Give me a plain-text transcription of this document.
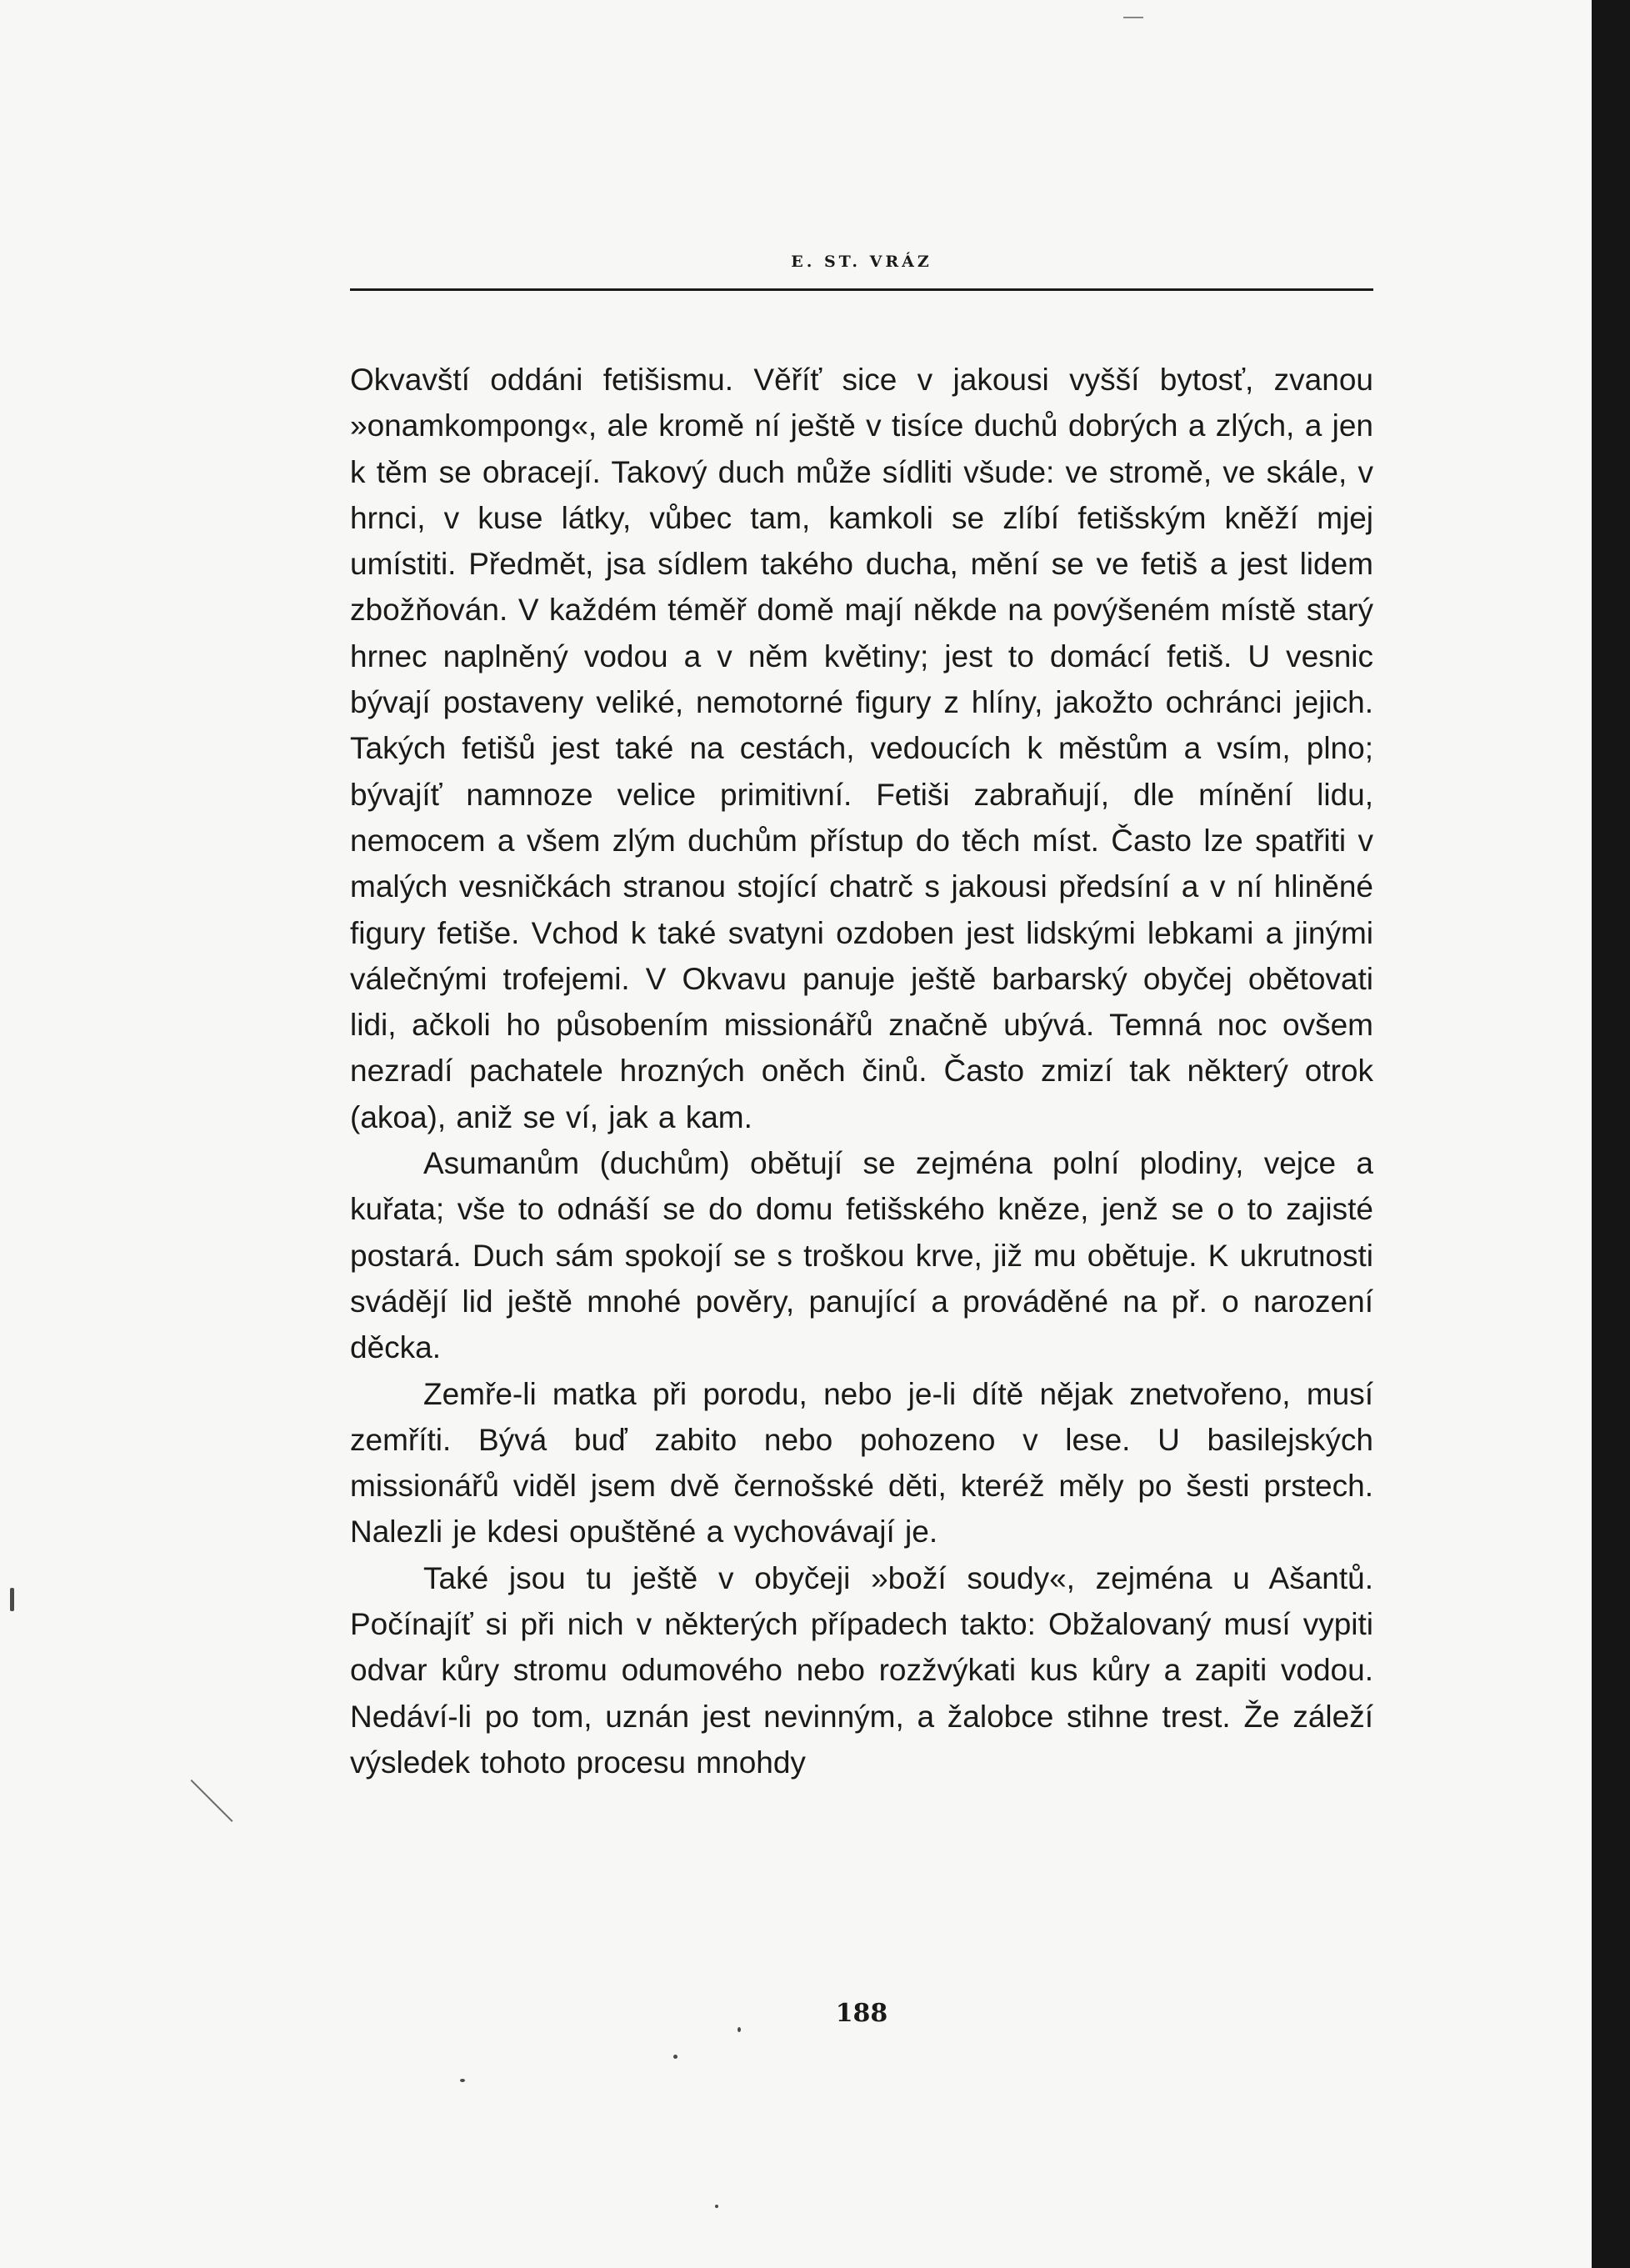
E. ST. VRÁZ

Okvavští oddáni fetišismu. Věříť sice v jakousi vyšší bytosť, zvanou »onamkompong«, ale kromě ní ještě v tisíce duchů dobrých a zlých, a jen k těm se obracejí. Takový duch může sídliti všude: ve stromě, ve skále, v hrnci, v kuse látky, vůbec tam, kamkoli se zlíbí fetišským kněží mjej umístiti. Předmět, jsa sídlem takého ducha, mění se ve fetiš a jest lidem zbožňován. V každém téměř domě mají někde na povýšeném místě starý hrnec naplněný vodou a v něm květiny; jest to domácí fetiš. U vesnic bývají postaveny veliké, nemotorné figury z hlíny, jakožto ochránci jejich. Takých fetišů jest také na cestách, vedoucích k městům a vsím, plno; bývajíť namnoze velice primitivní. Fetiši zabraňují, dle mínění lidu, nemocem a všem zlým duchům přístup do těch míst. Často lze spatřiti v malých vesničkách stranou stojící chatrč s jakousi předsíní a v ní hliněné figury fetiše. Vchod k také svatyni ozdoben jest lidskými lebkami a jinými válečnými trofejemi. V Okvavu panuje ještě barbarský obyčej obětovati lidi, ačkoli ho působením missionářů značně ubývá. Temná noc ovšem nezradí pachatele hrozných oněch činů. Často zmizí tak některý otrok (akoa), aniž se ví, jak a kam.

Asumanům (duchům) obětují se zejména polní plodiny, vejce a kuřata; vše to odnáší se do domu fetišského kněze, jenž se o to zajisté postará. Duch sám spokojí se s troškou krve, již mu obětuje. K ukrutnosti svádějí lid ještě mnohé pověry, panující a prováděné na př. o narození děcka.

Zemře-li matka při porodu, nebo je-li dítě nějak znetvořeno, musí zemříti. Bývá buď zabito nebo pohozeno v lese. U basilejských missionářů viděl jsem dvě černošské děti, kteréž měly po šesti prstech. Nalezli je kdesi opuštěné a vychovávají je.

Také jsou tu ještě v obyčeji »boží soudy«, zejména u Ašantů. Počínajíť si při nich v některých případech takto: Obžalovaný musí vypiti odvar kůry stromu odumového nebo rozžvýkati kus kůry a zapiti vodou. Nedáví-li po tom, uznán jest nevinným, a žalobce stihne trest. Že záleží výsledek tohoto procesu mnohdy

188
